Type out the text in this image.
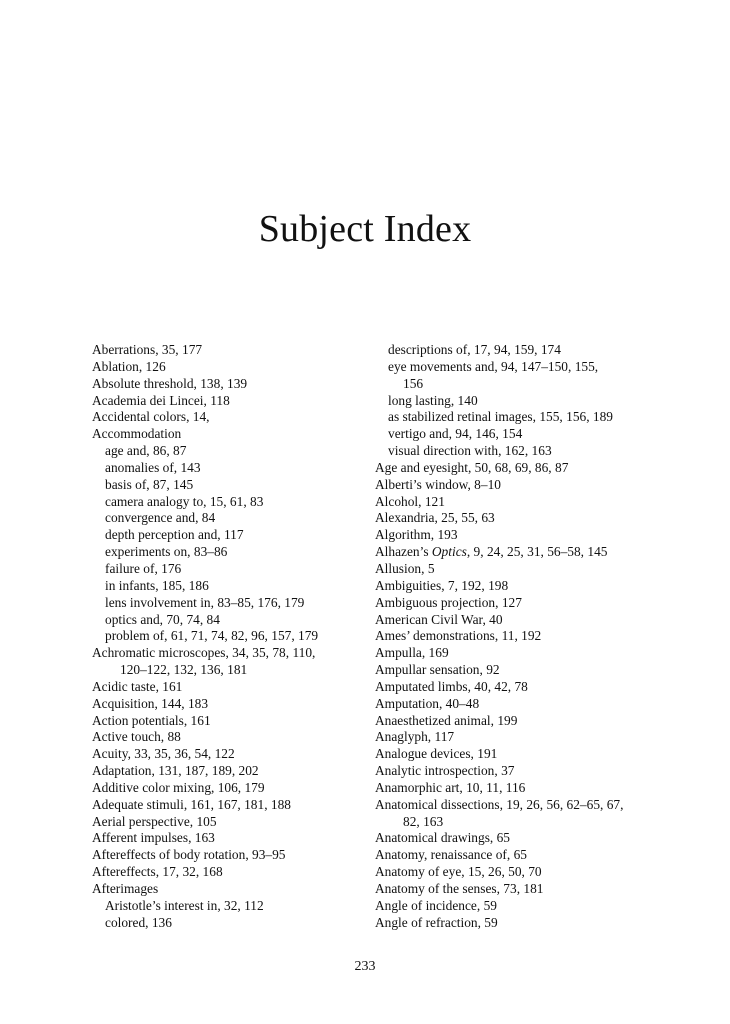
Subject Index
Aberrations, 35, 177
Ablation, 126
Absolute threshold, 138, 139
Academia dei Lincei, 118
Accidental colors, 14,
Accommodation
age and, 86, 87
anomalies of, 143
basis of, 87, 145
camera analogy to, 15, 61, 83
convergence and, 84
depth perception and, 117
experiments on, 83–86
failure of, 176
in infants, 185, 186
lens involvement in, 83–85, 176, 179
optics and, 70, 74, 84
problem of, 61, 71, 74, 82, 96, 157, 179
Achromatic microscopes, 34, 35, 78, 110,
120–122, 132, 136, 181
Acidic taste, 161
Acquisition, 144, 183
Action potentials, 161
Active touch, 88
Acuity, 33, 35, 36, 54, 122
Adaptation, 131, 187, 189, 202
Additive color mixing, 106, 179
Adequate stimuli, 161, 167, 181, 188
Aerial perspective, 105
Afferent impulses, 163
Aftereffects of body rotation, 93–95
Aftereffects, 17, 32, 168
Afterimages
Aristotle’s interest in, 32, 112
colored, 136
descriptions of, 17, 94, 159, 174
eye movements and, 94, 147–150, 155,
156
long lasting, 140
as stabilized retinal images, 155, 156, 189
vertigo and, 94, 146, 154
visual direction with, 162, 163
Age and eyesight, 50, 68, 69, 86, 87
Alberti’s window, 8–10
Alcohol, 121
Alexandria, 25, 55, 63
Algorithm, 193
Alhazen’s Optics, 9, 24, 25, 31, 56–58, 145
Allusion, 5
Ambiguities, 7, 192, 198
Ambiguous projection, 127
American Civil War, 40
Ames’ demonstrations, 11, 192
Ampulla, 169
Ampullar sensation, 92
Amputated limbs, 40, 42, 78
Amputation, 40–48
Anaesthetized animal, 199
Anaglyph, 117
Analogue devices, 191
Analytic introspection, 37
Anamorphic art, 10, 11, 116
Anatomical dissections, 19, 26, 56, 62–65, 67,
82, 163
Anatomical drawings, 65
Anatomy, renaissance of, 65
Anatomy of eye, 15, 26, 50, 70
Anatomy of the senses, 73, 181
Angle of incidence, 59
Angle of refraction, 59
233
